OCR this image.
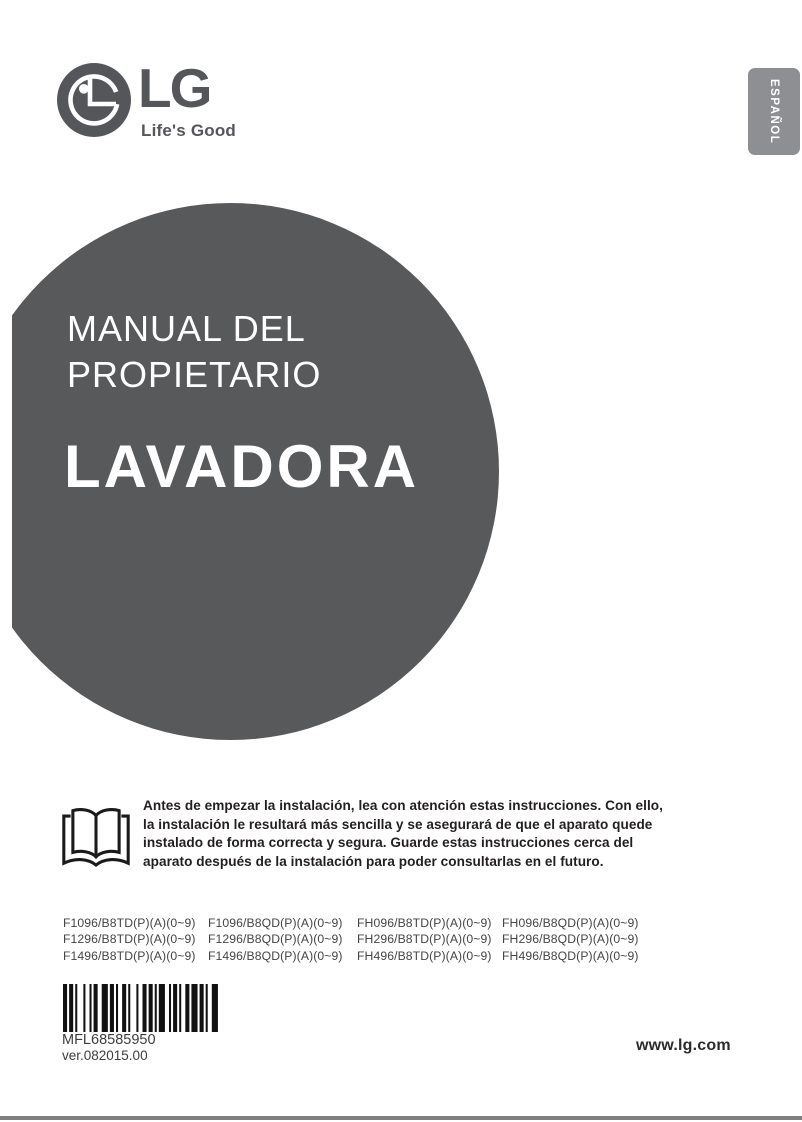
LG
Life's Good	ESPAÑOL
MANUAL DEL
PROPIETARIO
LAVADORA
Antes de empezar la instalación, lea con atención estas instrucciones. Con ello, la instalación le resultará más sencilla y se asegurará de que el aparato quede instalado de forma correcta y segura. Guarde estas instrucciones cerca del aparato después de la instalación para poder consultarlas en el futuro.
F1096/B8TD(P)(A)(0~9)
F1296/B8TD(P)(A)(0~9)
F1496/B8TD(P)(A)(0~9)
F1096/B8QD(P)(A)(0~9)
F1296/B8QD(P)(A)(0~9)
F1496/B8QD(P)(A)(0~9)
FH096/B8TD(P)(A)(0~9)
FH296/B8TD(P)(A)(0~9)
FH496/B8TD(P)(A)(0~9)
FH096/B8QD(P)(A)(0~9)
FH296/B8QD(P)(A)(0~9)
FH496/B8QD(P)(A)(0~9)
MFL68585950
ver.082015.00
www.lg.com
